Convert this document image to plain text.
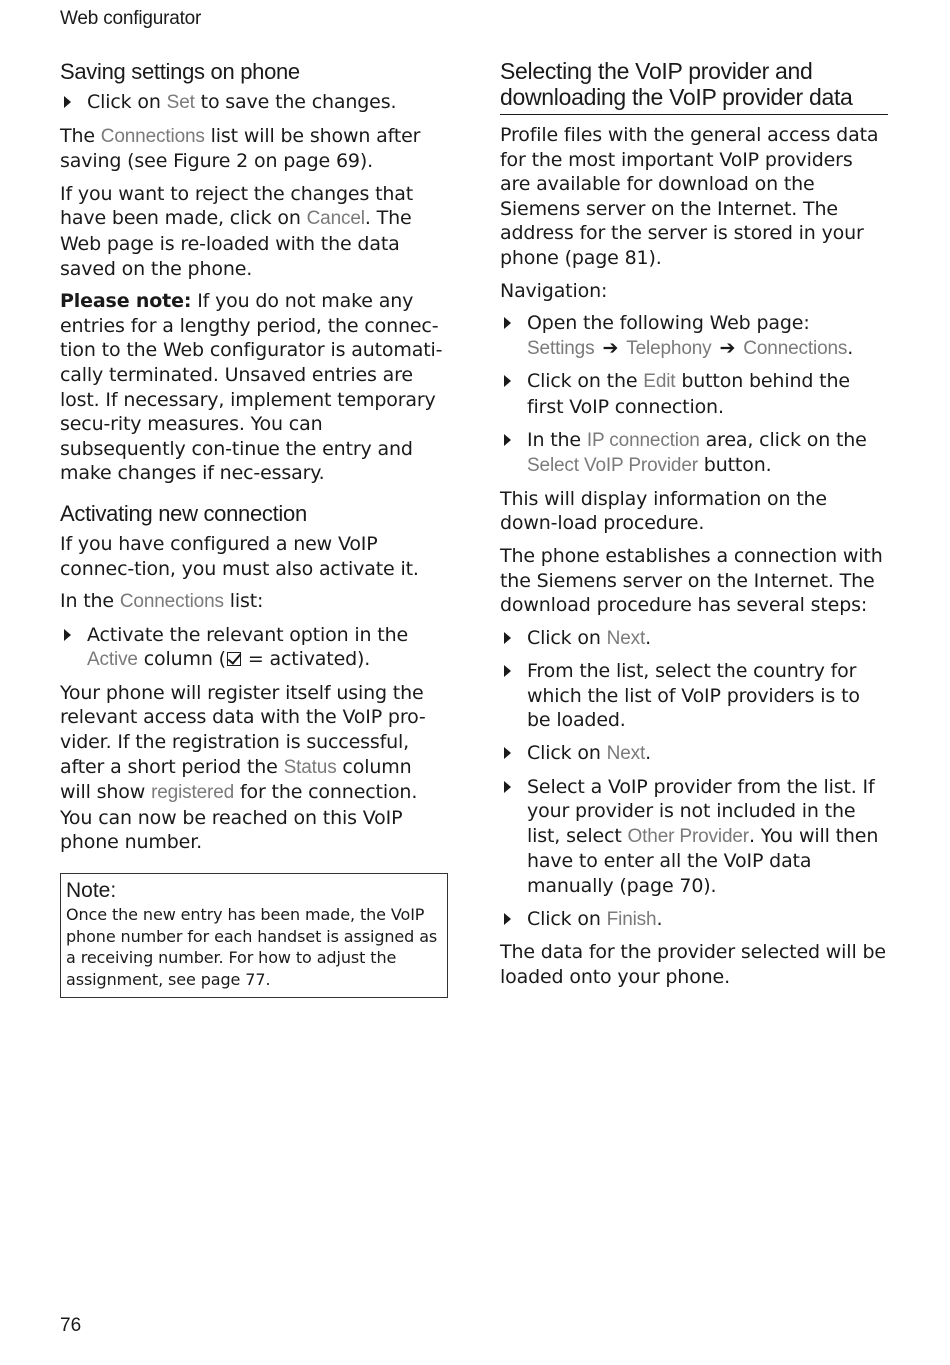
Web configurator
Saving settings on phone

Click on Set to save the changes.

The Connections list will be shown after saving (see Figure 2 on page 69).

If you want to reject the changes that have been made, click on Cancel. The Web page is re-loaded with the data saved on the phone.

Please note: If you do not make any entries for a lengthy period, the connec-tion to the Web configurator is automati-cally terminated. Unsaved entries are lost. If necessary, implement temporary secu-rity measures. You can subsequently con-tinue the entry and make changes if nec-essary.

Activating new connection

If you have configured a new VoIP connec-tion, you must also activate it.

In the Connections list:

Activate the relevant option in the Active column ( = activated).

Your phone will register itself using the relevant access data with the VoIP pro-vider. If the registration is successful, after a short period the Status column will show registered for the connection. You can now be reached on this VoIP phone number.

Note:
Once the new entry has been made, the VoIP phone number for each handset is assigned as a receiving number. For how to adjust the assignment, see page 77.
Selecting the VoIP provider and
downloading the VoIP provider data

Profile files with the general access data for the most important VoIP providers are available for download on the Siemens server on the Internet. The address for the server is stored in your phone (page 81).

Navigation:

Open the following Web page:
Settings ➔ Telephony ➔ Connections.

Click on the Edit button behind the first VoIP connection.

In the IP connection area, click on the Select VoIP Provider button.

This will display information on the down-load procedure.

The phone establishes a connection with the Siemens server on the Internet. The download procedure has several steps:

Click on Next.

From the list, select the country for which the list of VoIP providers is to be loaded.

Click on Next.

Select a VoIP provider from the list. If your provider is not included in the list, select Other Provider. You will then have to enter all the VoIP data manually (page 70).

Click on Finish.

The data for the provider selected will be loaded onto your phone.

76
